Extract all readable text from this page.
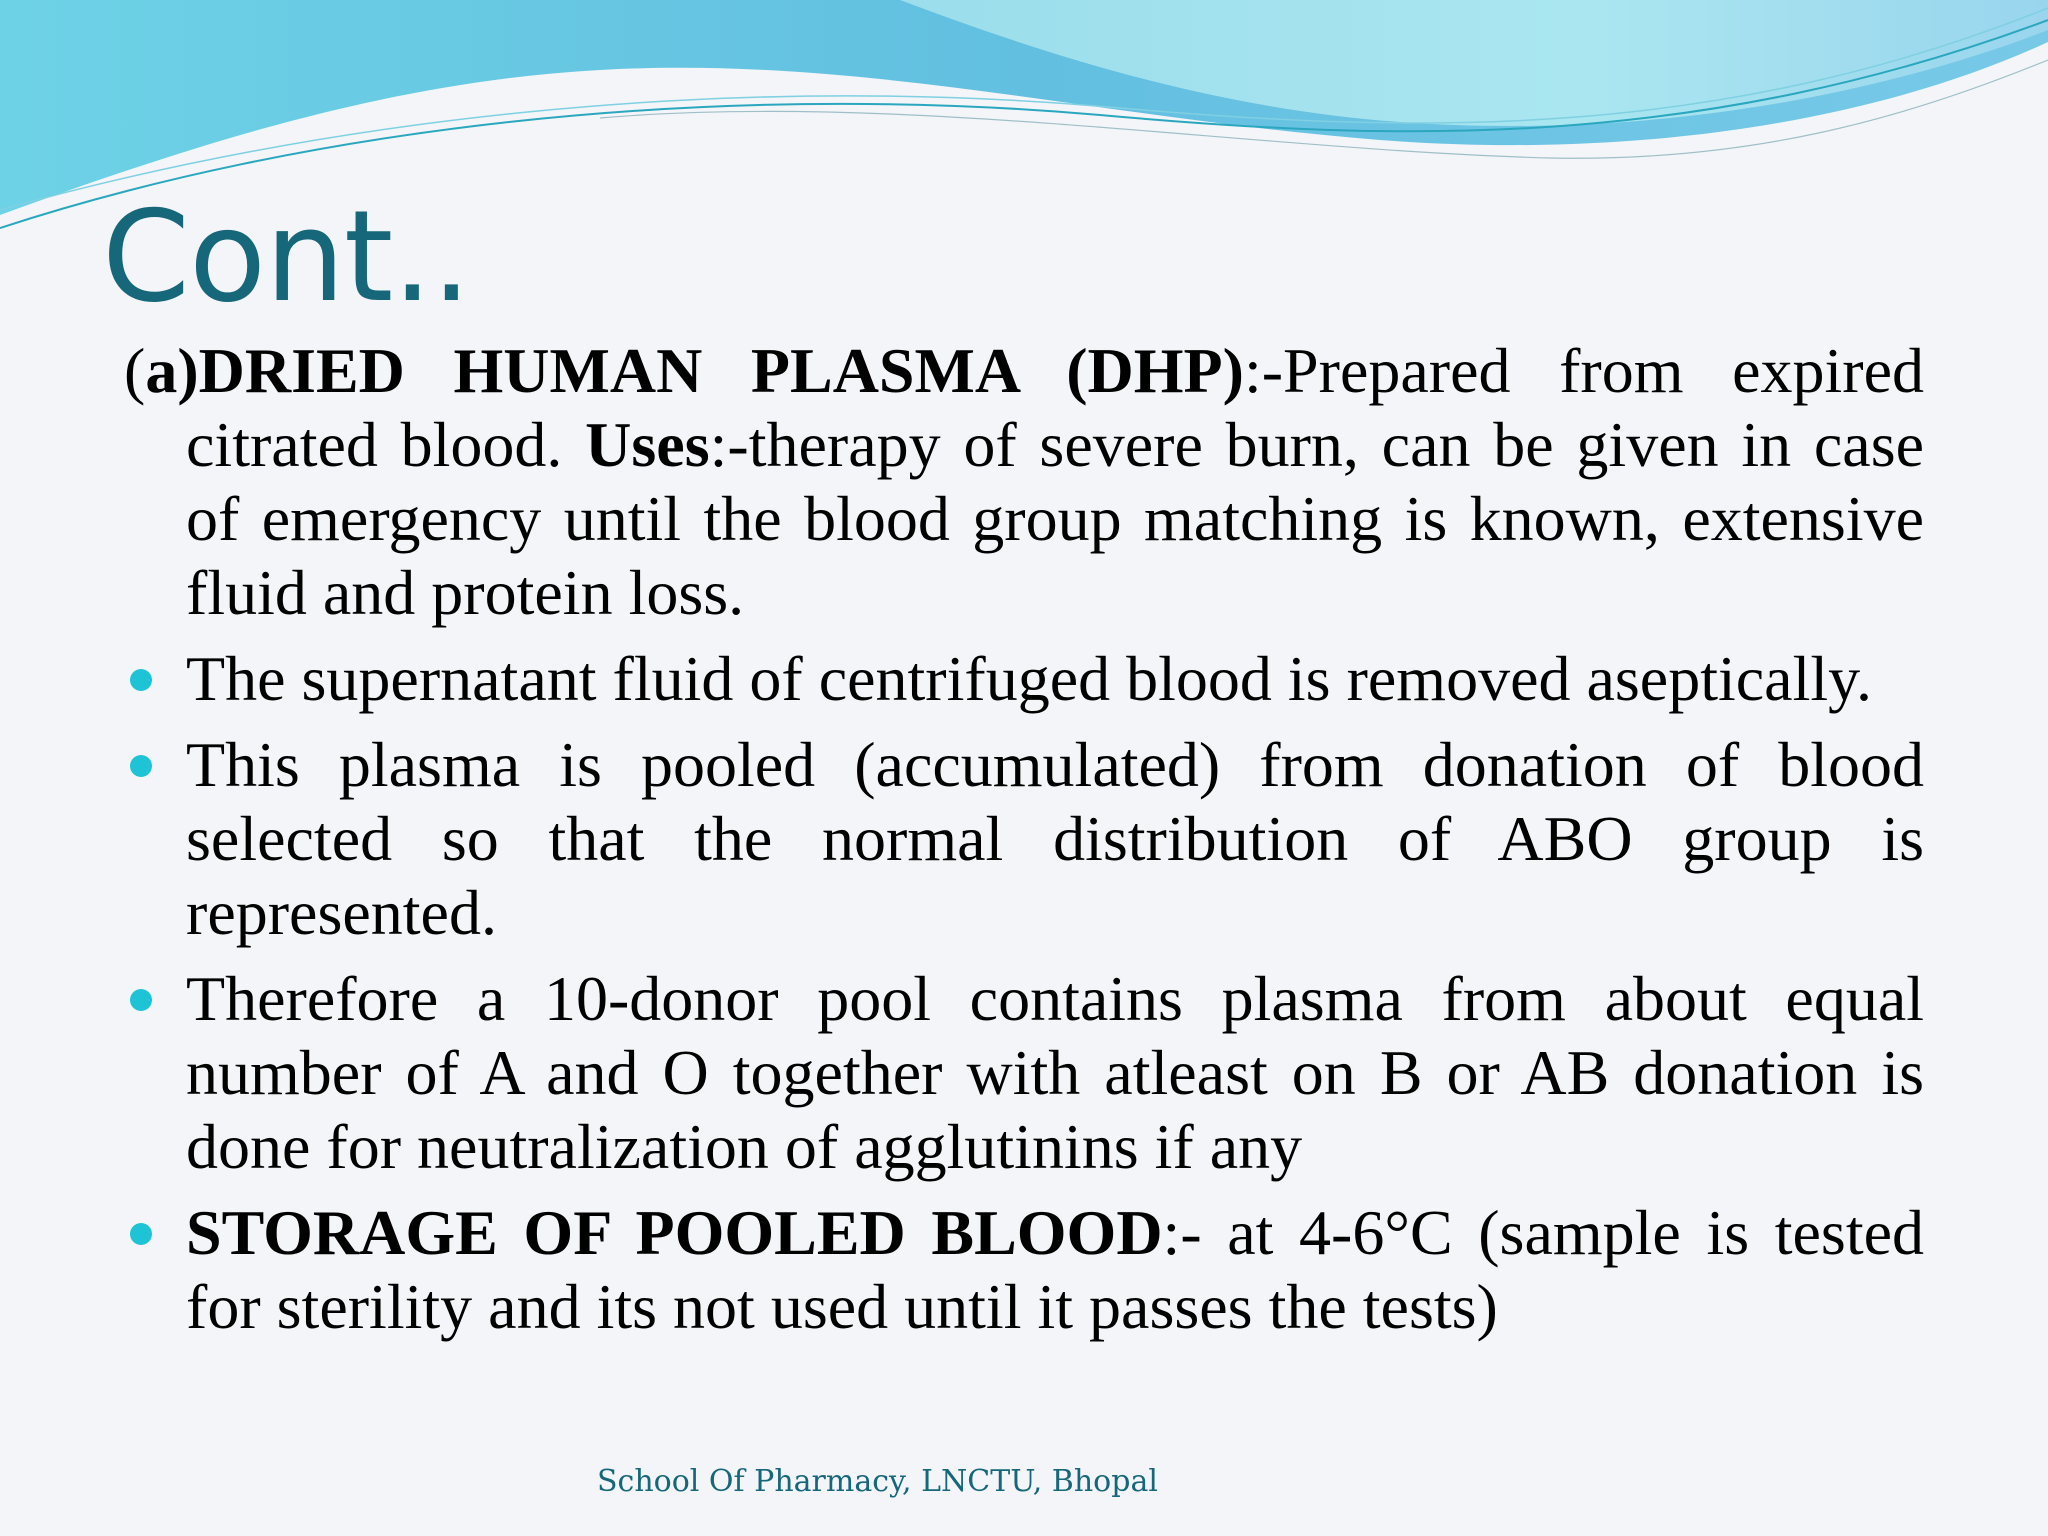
Cont..

(a)DRIED HUMAN PLASMA (DHP):-Prepared from expired citrated blood. Uses:-therapy of severe burn, can be given in case of emergency until the blood group matching is known, extensive fluid and protein loss.

The supernatant fluid of centrifuged blood is removed aseptically.
This plasma is pooled (accumulated) from donation of blood selected so that the normal distribution of ABO group is represented.
Therefore a 10-donor pool contains plasma from about equal number of A and O together with atleast on B or AB donation is done for neutralization of agglutinins if any
STORAGE OF POOLED BLOOD:- at 4-6°C (sample is tested for sterility and its not used until it passes the tests)
School Of Pharmacy, LNCTU, Bhopal
